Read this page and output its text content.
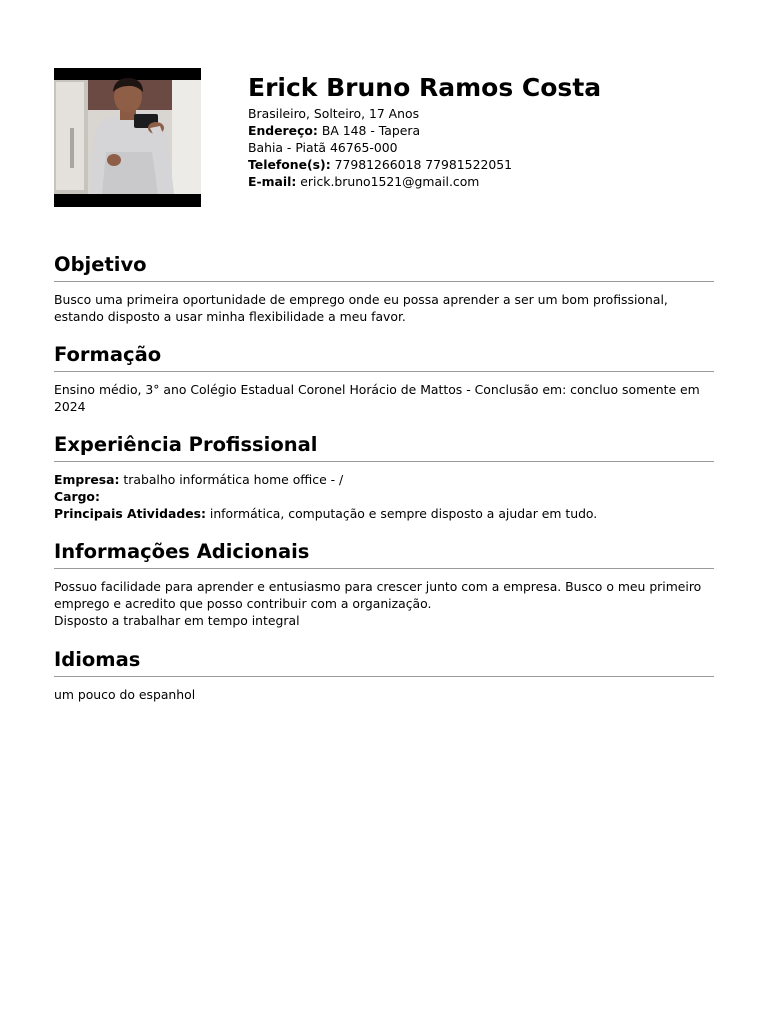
Erick Bruno Ramos Costa
Brasileiro, Solteiro, 17 Anos
Endereço: BA 148 - Tapera
Bahia - Piatã 46765-000
Telefone(s): 77981266018 77981522051
E-mail: erick.bruno1521@gmail.com
Objetivo

Busco uma primeira oportunidade de emprego onde eu possa aprender a ser um bom profissional, estando disposto a usar minha flexibilidade a meu favor.

Formação

Ensino médio, 3° ano Colégio Estadual Coronel Horácio de Mattos - Conclusão em: concluo somente em 2024

Experiência Profissional

Empresa: trabalho informática home office - /

Cargo:

Principais Atividades: informática, computação e sempre disposto a ajudar em tudo.

Informações Adicionais

Possuo facilidade para aprender e entusiasmo para crescer junto com a empresa. Busco o meu primeiro emprego e acredito que posso contribuir com a organização.

Disposto a trabalhar em tempo integral

Idiomas

um pouco do espanhol
